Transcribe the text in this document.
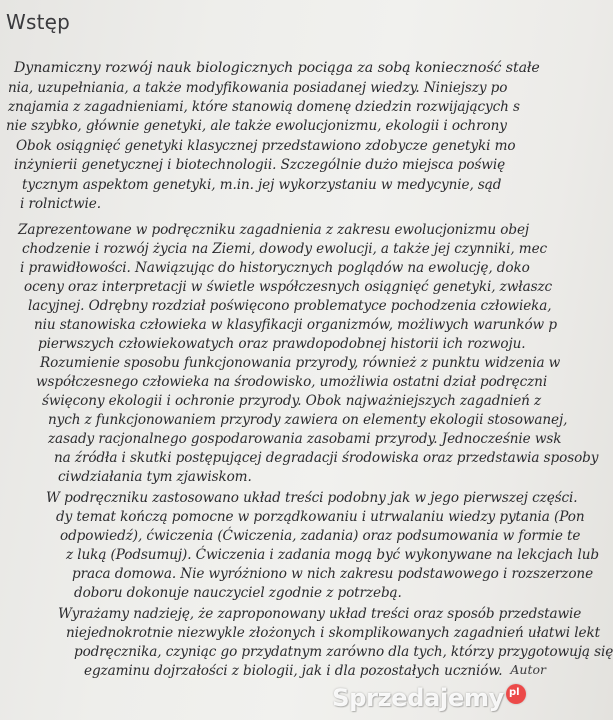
Wstęp
Dynamiczny rozwój nauk biologicznych pociąga za sobą konieczność stałe
nia, uzupełniania, a także modyfikowania posiadanej wiedzy. Niniejszy po
znajamia z zagadnieniami, które stanowią domenę dziedzin rozwijających s
nie szybko, głównie genetyki, ale także ewolucjonizmu, ekologii i ochrony
Obok osiągnięć genetyki klasycznej przedstawiono zdobycze genetyki mo
inżynierii genetycznej i biotechnologii. Szczególnie dużo miejsca poświę
tycznym aspektom genetyki, m.in. jej wykorzystaniu w medycynie, sąd
i rolnictwie.
Zaprezentowane w podręczniku zagadnienia z zakresu ewolucjonizmu obej
chodzenie i rozwój życia na Ziemi, dowody ewolucji, a także jej czynniki, mec
i prawidłowości. Nawiązując do historycznych poglądów na ewolucję, doko
oceny oraz interpretacji w świetle współczesnych osiągnięć genetyki, zwłaszc
lacyjnej. Odrębny rozdział poświęcono problematyce pochodzenia człowieka,
niu stanowiska człowieka w klasyfikacji organizmów, możliwych warunków p
pierwszych człowiekowatych oraz prawdopodobnej historii ich rozwoju.
Rozumienie sposobu funkcjonowania przyrody, również z punktu widzenia w
współczesnego człowieka na środowisko, umożliwia ostatni dział podręczni
święcony ekologii i ochronie przyrody. Obok najważniejszych zagadnień z
nych z funkcjonowaniem przyrody zawiera on elementy ekologii stosowanej,
zasady racjonalnego gospodarowania zasobami przyrody. Jednocześnie wsk
na źródła i skutki postępującej degradacji środowiska oraz przedstawia sposoby
ciwdziałania tym zjawiskom.
W podręczniku zastosowano układ treści podobny jak w jego pierwszej części.
dy temat kończą pomocne w porządkowaniu i utrwalaniu wiedzy pytania (Pon
odpowiedź), ćwiczenia (Ćwiczenia, zadania) oraz podsumowania w formie te
z luką (Podsumuj). Ćwiczenia i zadania mogą być wykonywane na lekcjach lub
praca domowa. Nie wyróżniono w nich zakresu podstawowego i rozszerzone
doboru dokonuje nauczyciel zgodnie z potrzebą.
Wyrażamy nadzieję, że zaproponowany układ treści oraz sposób przedstawie
niejednokrotnie niezwykle złożonych i skomplikowanych zagadnień ułatwi lekt
podręcznika, czyniąc go przydatnym zarówno dla tych, którzy przygotowują się
egzaminu dojrzałości z biologii, jak i dla pozostałych uczniów. Autor
Sprzedajemy
pl
